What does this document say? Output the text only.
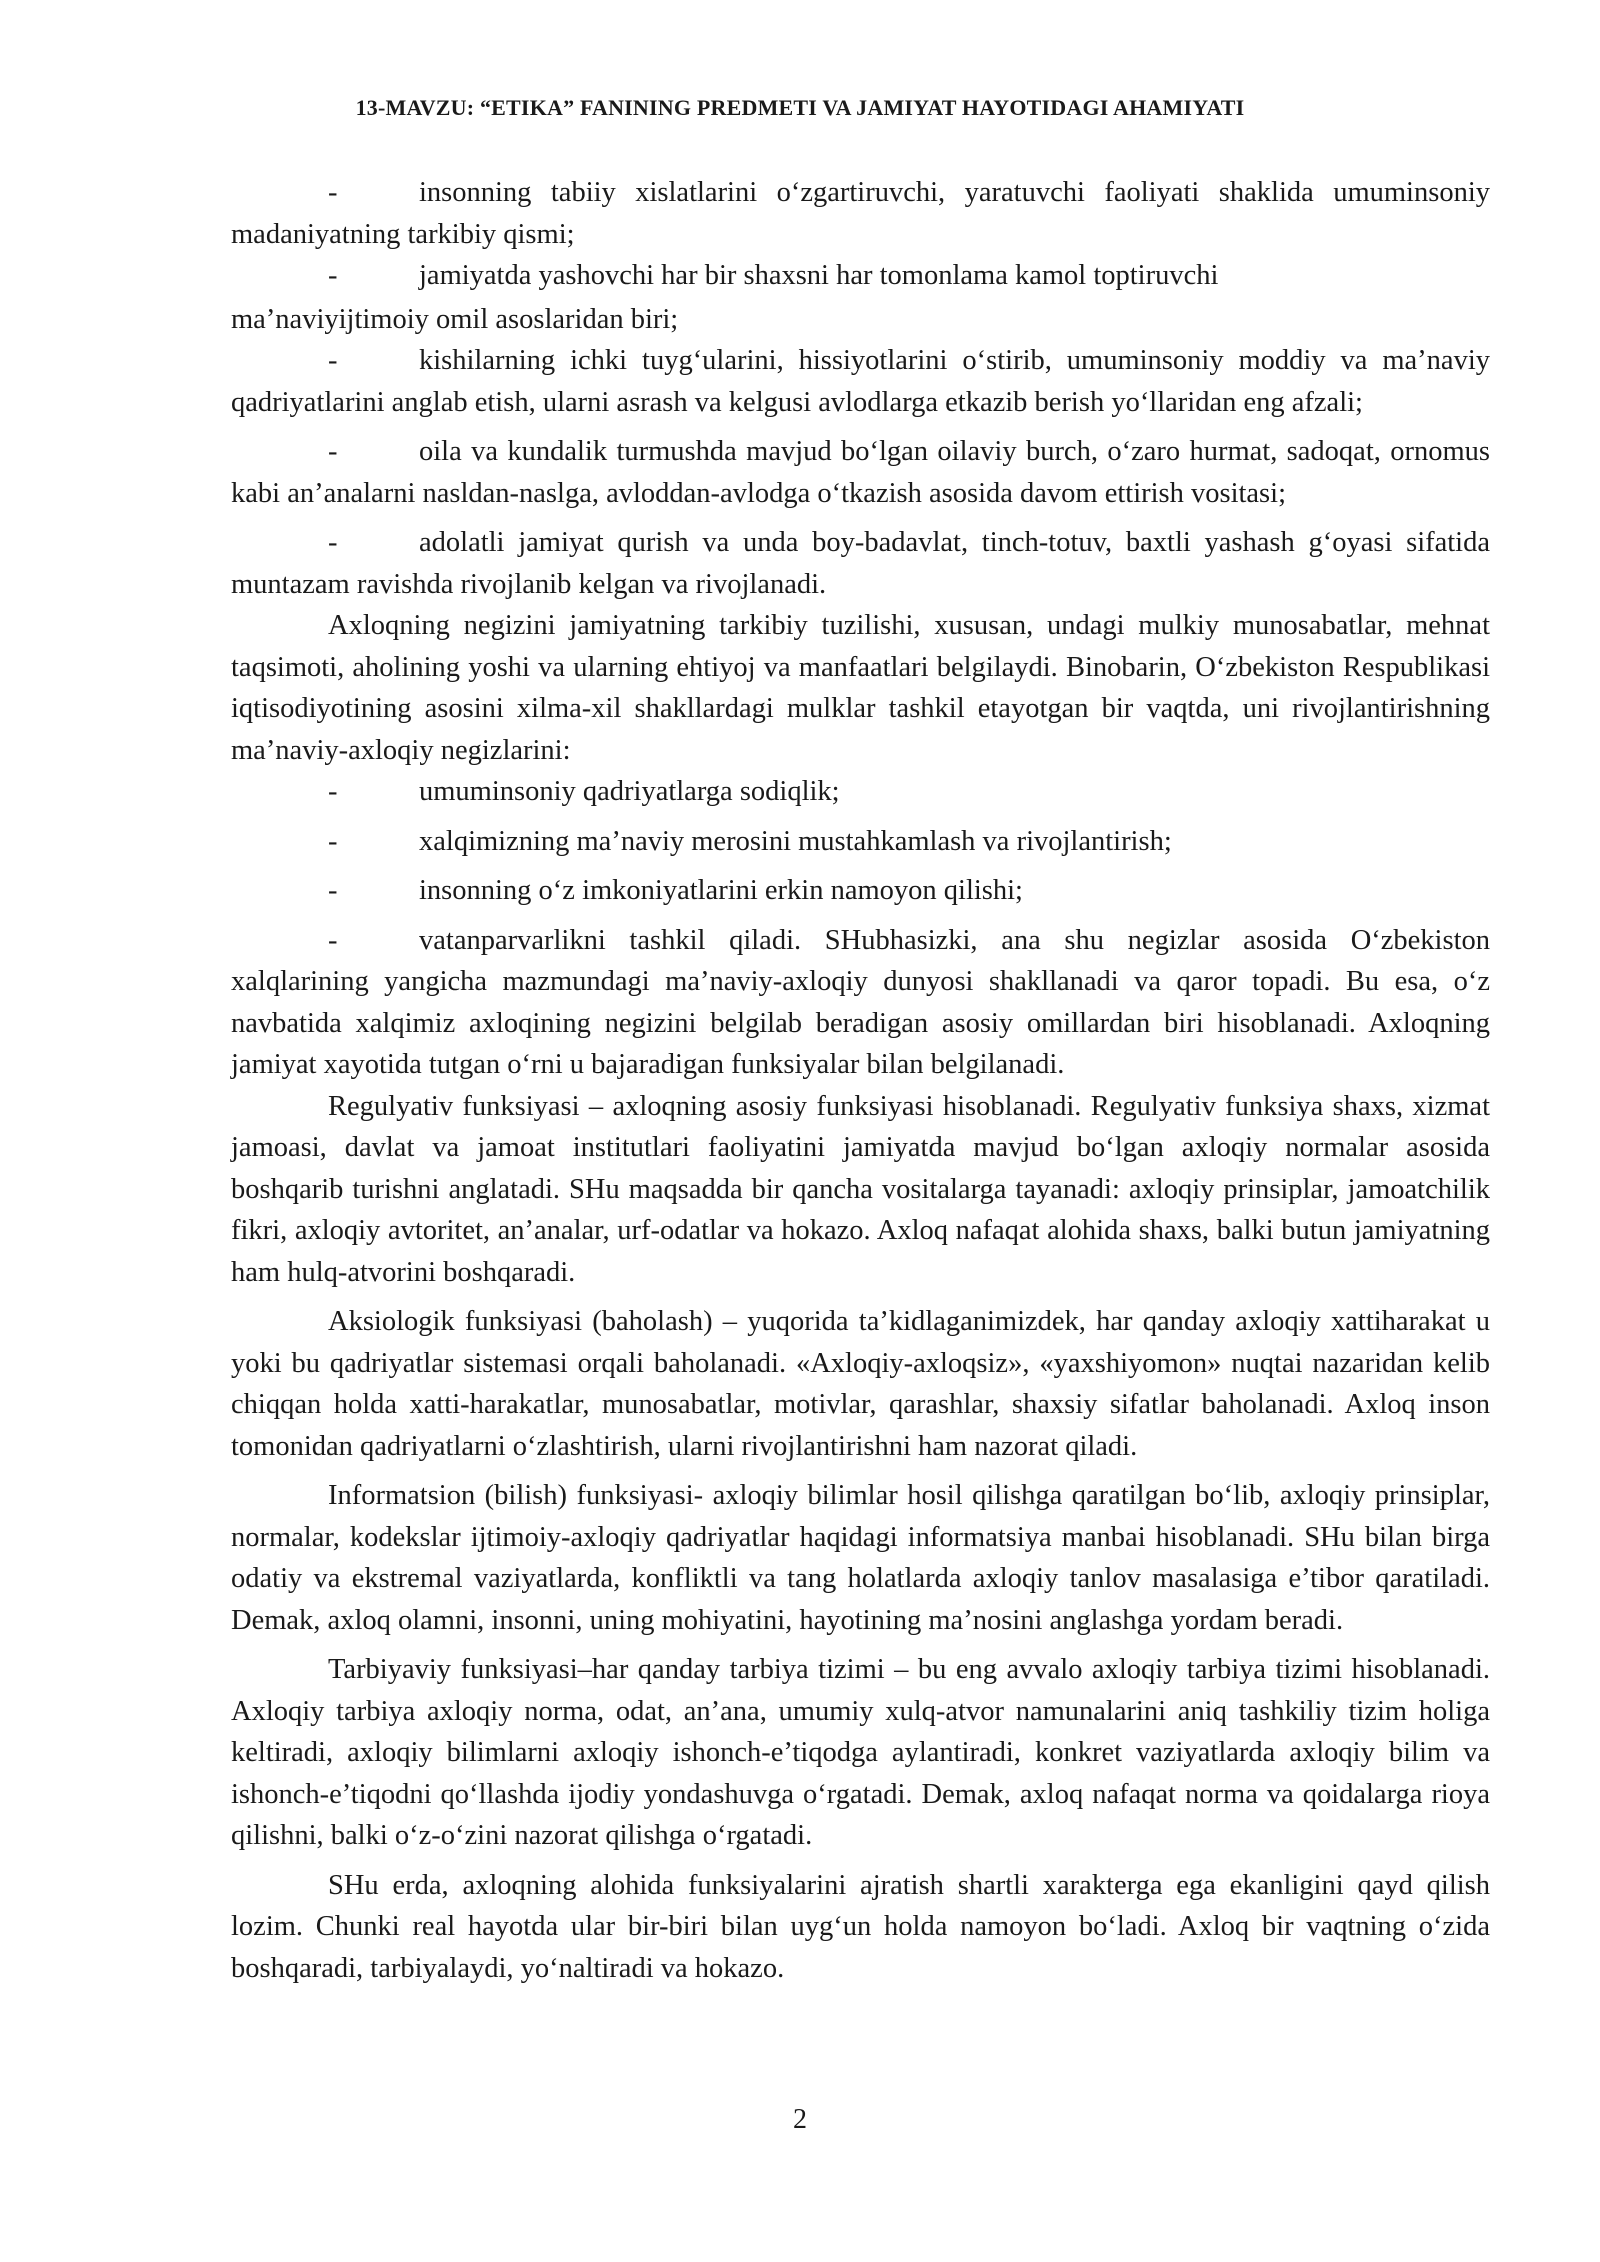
13-MAVZU: “ETIKA” FANINING PREDMETI VA JAMIYAT HAYOTIDAGI AHAMIYATI

-	insonning tabiiy xislatlarini o‘zgartiruvchi, yaratuvchi faoliyati shaklida umuminsoniy madaniyatning tarkibiy qismi;

-	jamiyatda yashovchi har bir shaxsni har tomonlama kamol toptiruvchi

ma’naviyijtimoiy omil asoslaridan biri;

-	kishilarning ichki tuyg‘ularini, hissiyotlarini o‘stirib, umuminsoniy moddiy va ma’naviy qadriyatlarini anglab etish, ularni asrash va kelgusi avlodlarga etkazib berish yo‘llaridan eng afzali;

-	oila va kundalik turmushda mavjud bo‘lgan oilaviy burch, o‘zaro hurmat, sadoqat, ornomus kabi an’analarni nasldan-naslga, avloddan-avlodga o‘tkazish asosida davom ettirish vositasi;

-	adolatli jamiyat qurish va unda boy-badavlat, tinch-totuv, baxtli yashash g‘oyasi sifatida muntazam ravishda rivojlanib kelgan va rivojlanadi.

Axloqning negizini jamiyatning tarkibiy tuzilishi, xususan, undagi mulkiy munosabatlar, mehnat taqsimoti, aholining yoshi va ularning ehtiyoj va manfaatlari belgilaydi. Binobarin, O‘zbekiston Respublikasi iqtisodiyotining asosini xilma-xil shakllardagi mulklar tashkil etayotgan bir vaqtda, uni rivojlantirishning ma’naviy-axloqiy negizlarini:

-	umuminsoniy qadriyatlarga sodiqlik;

-	xalqimizning ma’naviy merosini mustahkamlash va rivojlantirish;

-	insonning o‘z imkoniyatlarini erkin namoyon qilishi;

-	vatanparvarlikni tashkil qiladi. SHubhasizki, ana shu negizlar asosida O‘zbekiston xalqlarining yangicha mazmundagi ma’naviy-axloqiy dunyosi shakllanadi va qaror topadi. Bu esa, o‘z navbatida xalqimiz axloqining negizini belgilab beradigan asosiy omillardan biri hisoblanadi. Axloqning jamiyat xayotida tutgan o‘rni u bajaradigan funksiyalar bilan belgilanadi.

Regulyativ funksiyasi – axloqning asosiy funksiyasi hisoblanadi. Regulyativ funksiya shaxs, xizmat jamoasi, davlat va jamoat institutlari faoliyatini jamiyatda mavjud bo‘lgan axloqiy normalar asosida boshqarib turishni anglatadi. SHu maqsadda bir qancha vositalarga tayanadi: axloqiy prinsiplar, jamoatchilik fikri, axloqiy avtoritet, an’analar, urf-odatlar va hokazo. Axloq nafaqat alohida shaxs, balki butun jamiyatning ham hulq-atvorini boshqaradi.

Aksiologik funksiyasi (baholash) – yuqorida ta’kidlaganimizdek, har qanday axloqiy xattiharakat u yoki bu qadriyatlar sistemasi orqali baholanadi. «Axloqiy-axloqsiz», «yaxshiyomon» nuqtai nazaridan kelib chiqqan holda xatti-harakatlar, munosabatlar, motivlar, qarashlar, shaxsiy sifatlar baholanadi. Axloq inson tomonidan qadriyatlarni o‘zlashtirish, ularni rivojlantirishni ham nazorat qiladi.

Informatsion (bilish) funksiyasi- axloqiy bilimlar hosil qilishga qaratilgan bo‘lib, axloqiy prinsiplar, normalar, kodekslar ijtimoiy-axloqiy qadriyatlar haqidagi informatsiya manbai hisoblanadi. SHu bilan birga odatiy va ekstremal vaziyatlarda, konfliktli va tang holatlarda axloqiy tanlov masalasiga e’tibor qaratiladi. Demak, axloq olamni, insonni, uning mohiyatini, hayotining ma’nosini anglashga yordam beradi.

Tarbiyaviy funksiyasi–har qanday tarbiya tizimi – bu eng avvalo axloqiy tarbiya tizimi hisoblanadi. Axloqiy tarbiya axloqiy norma, odat, an’ana, umumiy xulq-atvor namunalarini aniq tashkiliy tizim holiga keltiradi, axloqiy bilimlarni axloqiy ishonch-e’tiqodga aylantiradi, konkret vaziyatlarda axloqiy bilim va ishonch-e’tiqodni qo‘llashda ijodiy yondashuvga o‘rgatadi. Demak, axloq nafaqat norma va qoidalarga rioya qilishni, balki o‘z-o‘zini nazorat qilishga o‘rgatadi.

SHu erda, axloqning alohida funksiyalarini ajratish shartli xarakterga ega ekanligini qayd qilish lozim. Chunki real hayotda ular bir-biri bilan uyg‘un holda namoyon bo‘ladi. Axloq bir vaqtning o‘zida boshqaradi, tarbiyalaydi, yo‘naltiradi va hokazo.

2
